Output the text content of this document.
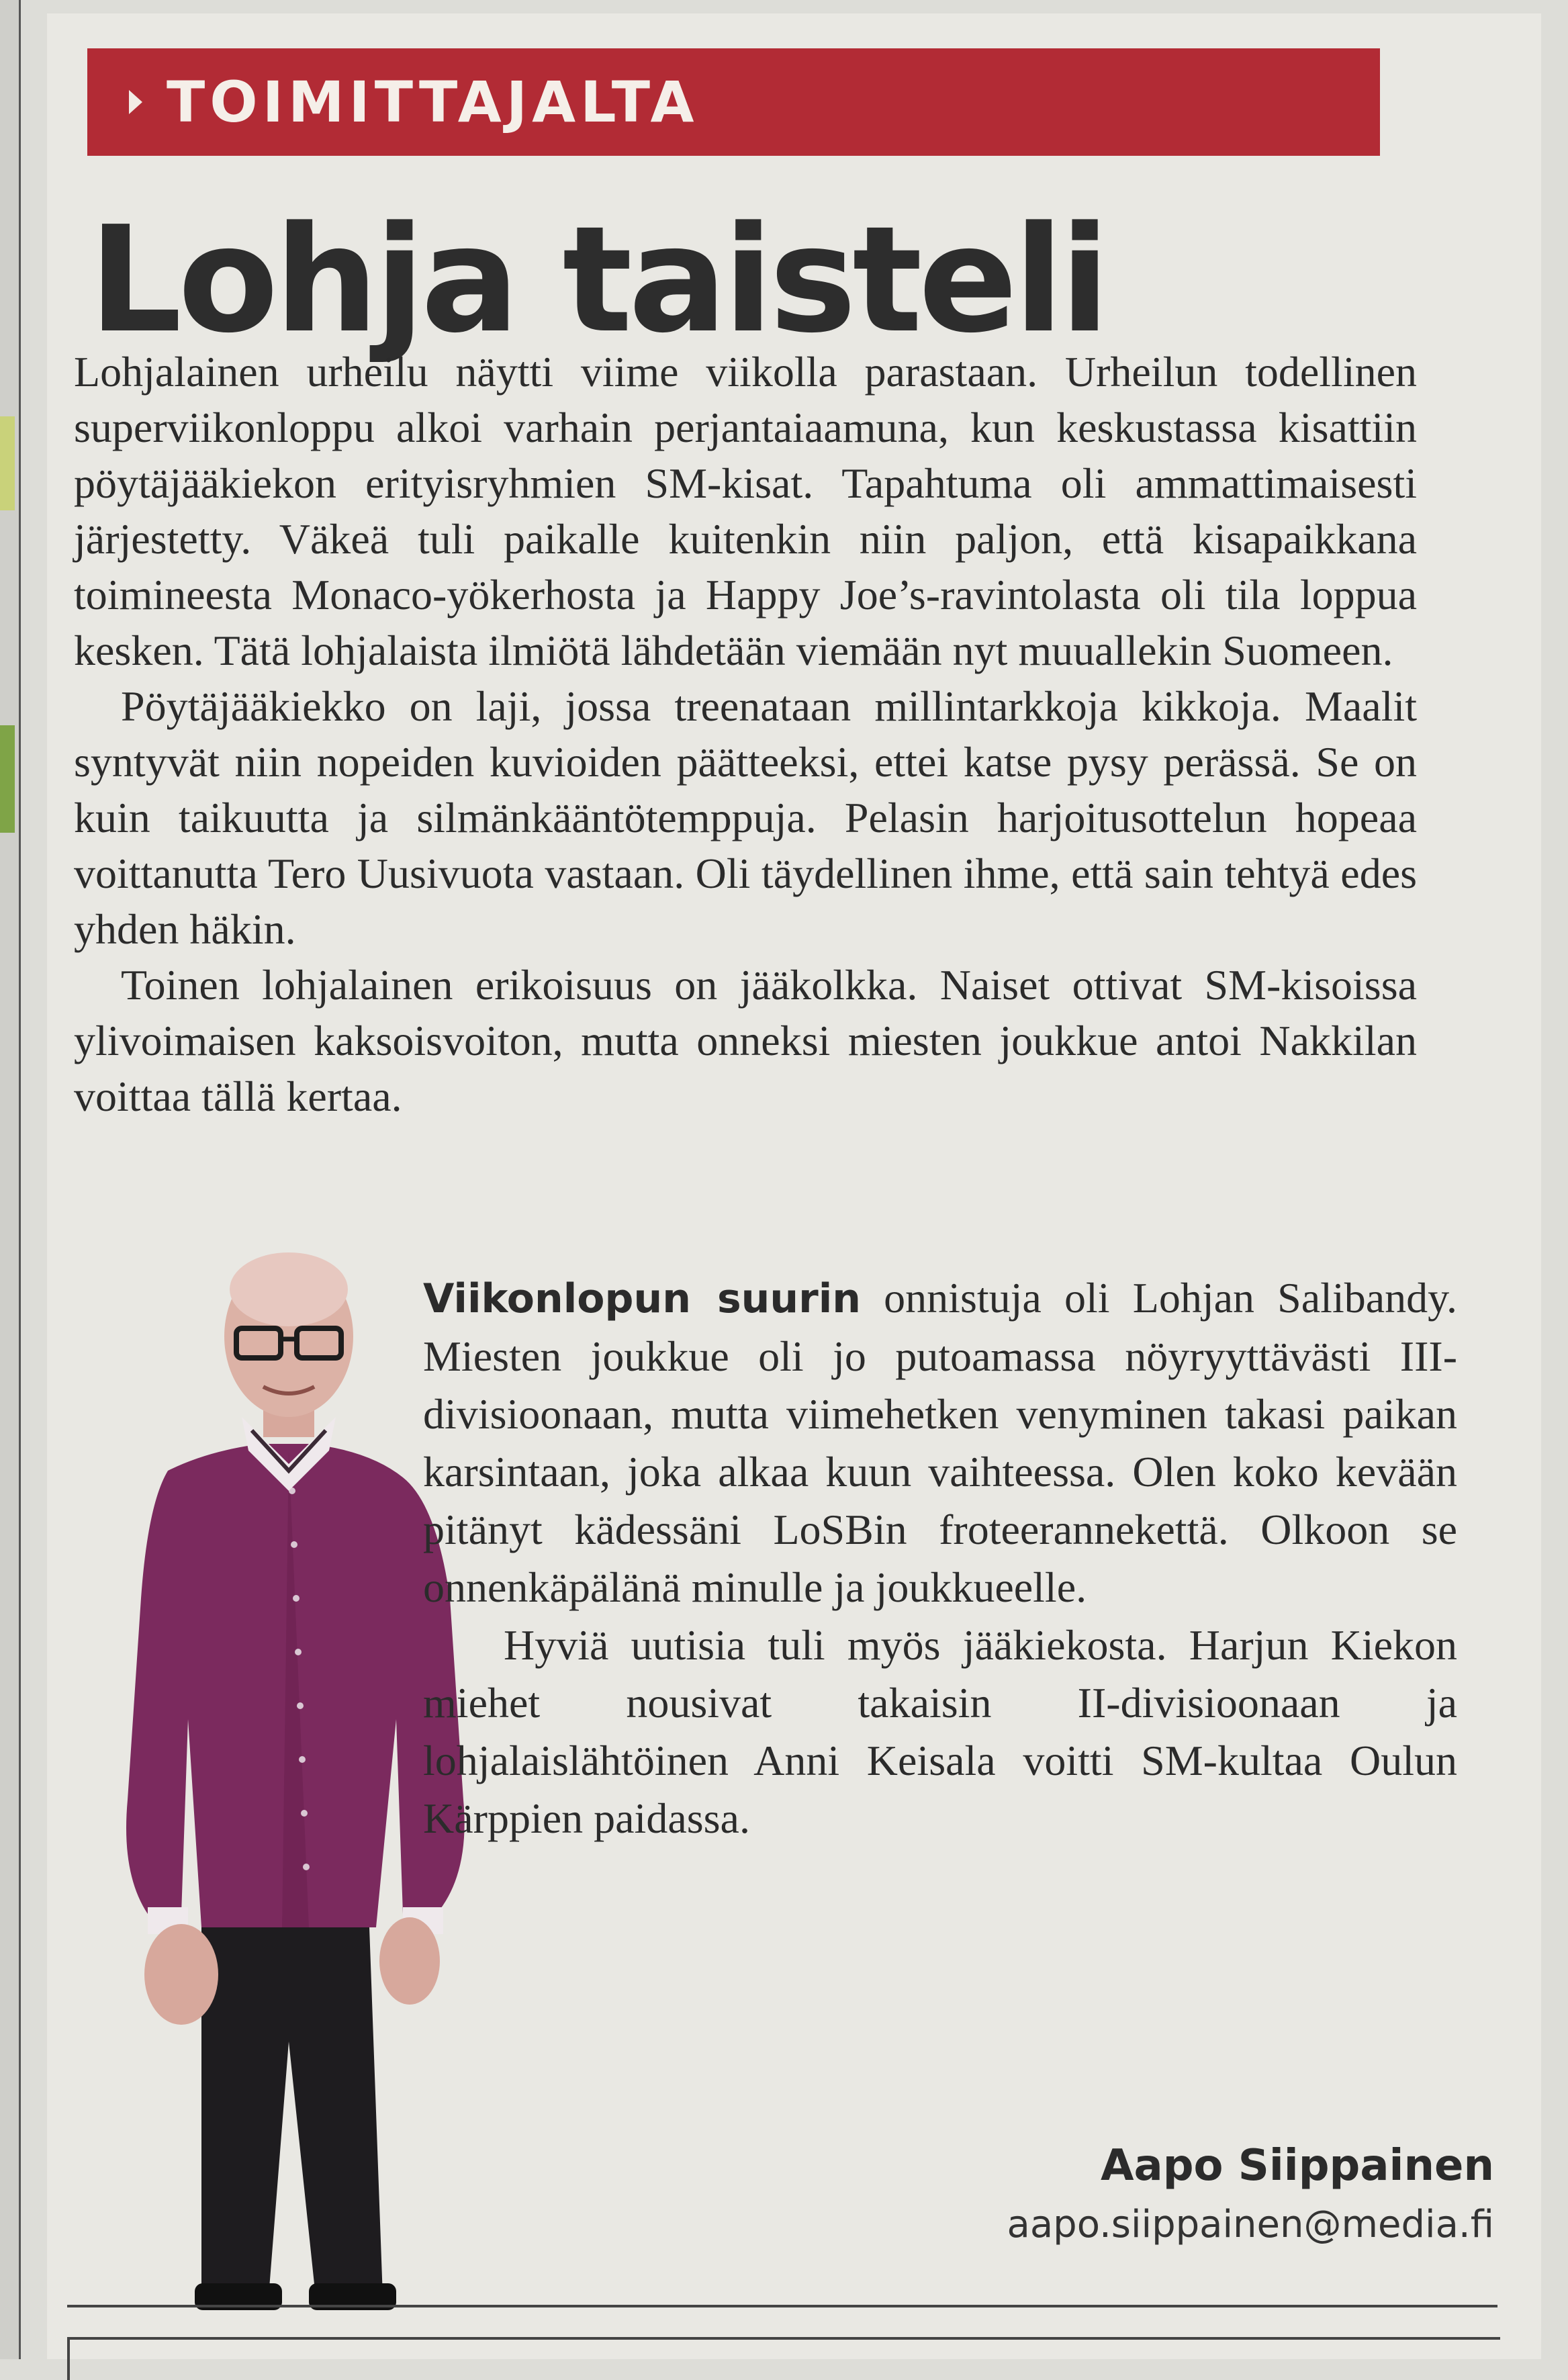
TOIMITTAJALTA
Lohja taisteli

Lohjalainen urheilu näytti viime viikolla parastaan. Urheilun todellinen superviikonloppu alkoi varhain perjantaiaamuna, kun keskustassa kisattiin pöytäjääkiekon erityisryhmien SM-kisat. Tapahtuma oli ammattimaisesti järjestetty. Väkeä tuli paikalle kuitenkin niin paljon, että kisapaikkana toimineesta Monaco-yökerhosta ja Happy Joe’s-ravintolasta oli tila loppua kesken. Tätä lohjalaista ilmiötä lähdetään viemään nyt muuallekin Suomeen.

Pöytäjääkiekko on laji, jossa treenataan millintarkkoja kikkoja. Maalit syntyvät niin nopeiden kuvioiden päätteeksi, ettei katse pysy perässä. Se on kuin taikuutta ja silmänkääntötemppuja. Pelasin harjoitusottelun hopeaa voittanutta Tero Uusivuota vastaan. Oli täydellinen ihme, että sain tehtyä edes yhden häkin.

Toinen lohjalainen erikoisuus on jääkolkka. Naiset ottivat SM-kisoissa ylivoimaisen kaksoisvoiton, mutta onneksi miesten joukkue antoi Nakkilan voittaa tällä kertaa.

Viikonlopun suurin onnistuja oli Lohjan Salibandy. Miesten joukkue oli jo putoamassa nöyryyttävästi III-divisioonaan, mutta viimehetken venyminen takasi paikan karsintaan, joka alkaa kuun vaihteessa. Olen koko kevään pitänyt kädessäni LoSBin froteerannekettä. Olkoon se onnenkäpälänä minulle ja joukkueelle.

Hyviä uutisia tuli myös jääkiekosta. Harjun Kiekon miehet nousivat takaisin II-divisioonaan ja lohjalaislähtöinen Anni Keisala voitti SM-kultaa Oulun Kärppien paidassa.

Aapo Siippainen
aapo.siippainen@media.fi
